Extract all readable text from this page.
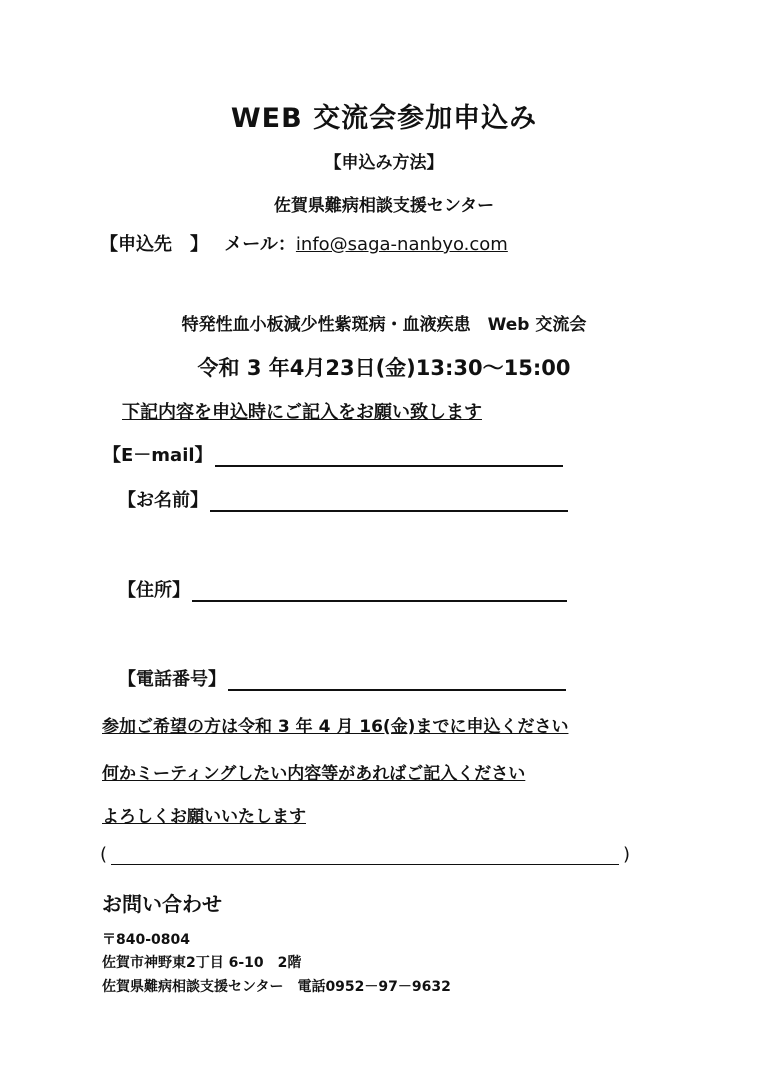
WEB 交流会参加申込み
【申込み方法】
佐賀県難病相談支援センター
【申込先　】 メール：info@saga-nanbyo.com
特発性血小板減少性紫斑病・血液疾患　Web 交流会
令和 3 年4月23日(金)13:30～15:00
下記内容を申込時にご記入をお願い致します
【E－mail】
【お名前】
【住所】
【電話番号】
参加ご希望の方は令和 3 年 4 月 16(金)までに申込ください
何かミーティングしたい内容等があればご記入ください
よろしくお願いいたします
(	)
お問い合わせ
〒840-0804
佐賀市神野東2丁目 6-10　2階
佐賀県難病相談支援センター　電話0952－97－9632
